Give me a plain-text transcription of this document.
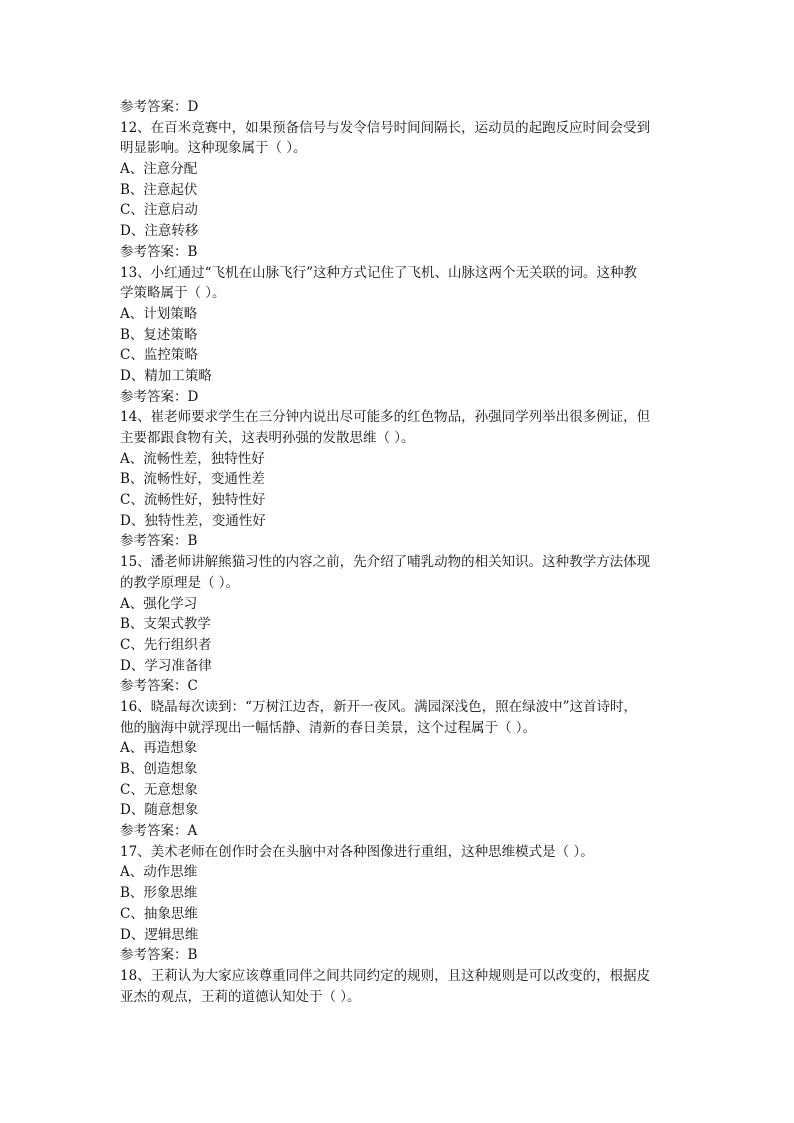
参考答案：D
12、在百米竞赛中，如果预备信号与发令信号时间间隔长，运动员的起跑反应时间会受到
明显影响。这种现象属于（ ）。
A、注意分配
B、注意起伏
C、注意启动
D、注意转移
参考答案：B
13、小红通过“飞机在山脉飞行”这种方式记住了飞机、山脉这两个无关联的词。这种教
学策略属于（ ）。
A、计划策略
B、复述策略
C、监控策略
D、精加工策略
参考答案：D
14、崔老师要求学生在三分钟内说出尽可能多的红色物品，孙强同学列举出很多例证，但
主要都跟食物有关，这表明孙强的发散思维（ ）。
A、流畅性差，独特性好
B、流畅性好，变通性差
C、流畅性好，独特性好
D、独特性差，变通性好
参考答案：B
15、潘老师讲解熊猫习性的内容之前，先介绍了哺乳动物的相关知识。这种教学方法体现
的教学原理是（ ）。
A、强化学习
B、支架式教学
C、先行组织者
D、学习准备律
参考答案：C
16、晓晶每次读到：“万树江边杏，新开一夜风。满园深浅色，照在绿波中”这首诗时，
他的脑海中就浮现出一幅恬静、清新的春日美景，这个过程属于（ ）。
A、再造想象
B、创造想象
C、无意想象
D、随意想象
参考答案：A
17、美术老师在创作时会在头脑中对各种图像进行重组，这种思维模式是（ ）。
A、动作思维
B、形象思维
C、抽象思维
D、逻辑思维
参考答案：B
18、王莉认为大家应该尊重同伴之间共同约定的规则，且这种规则是可以改变的，根据皮
亚杰的观点，王莉的道德认知处于（ ）。
